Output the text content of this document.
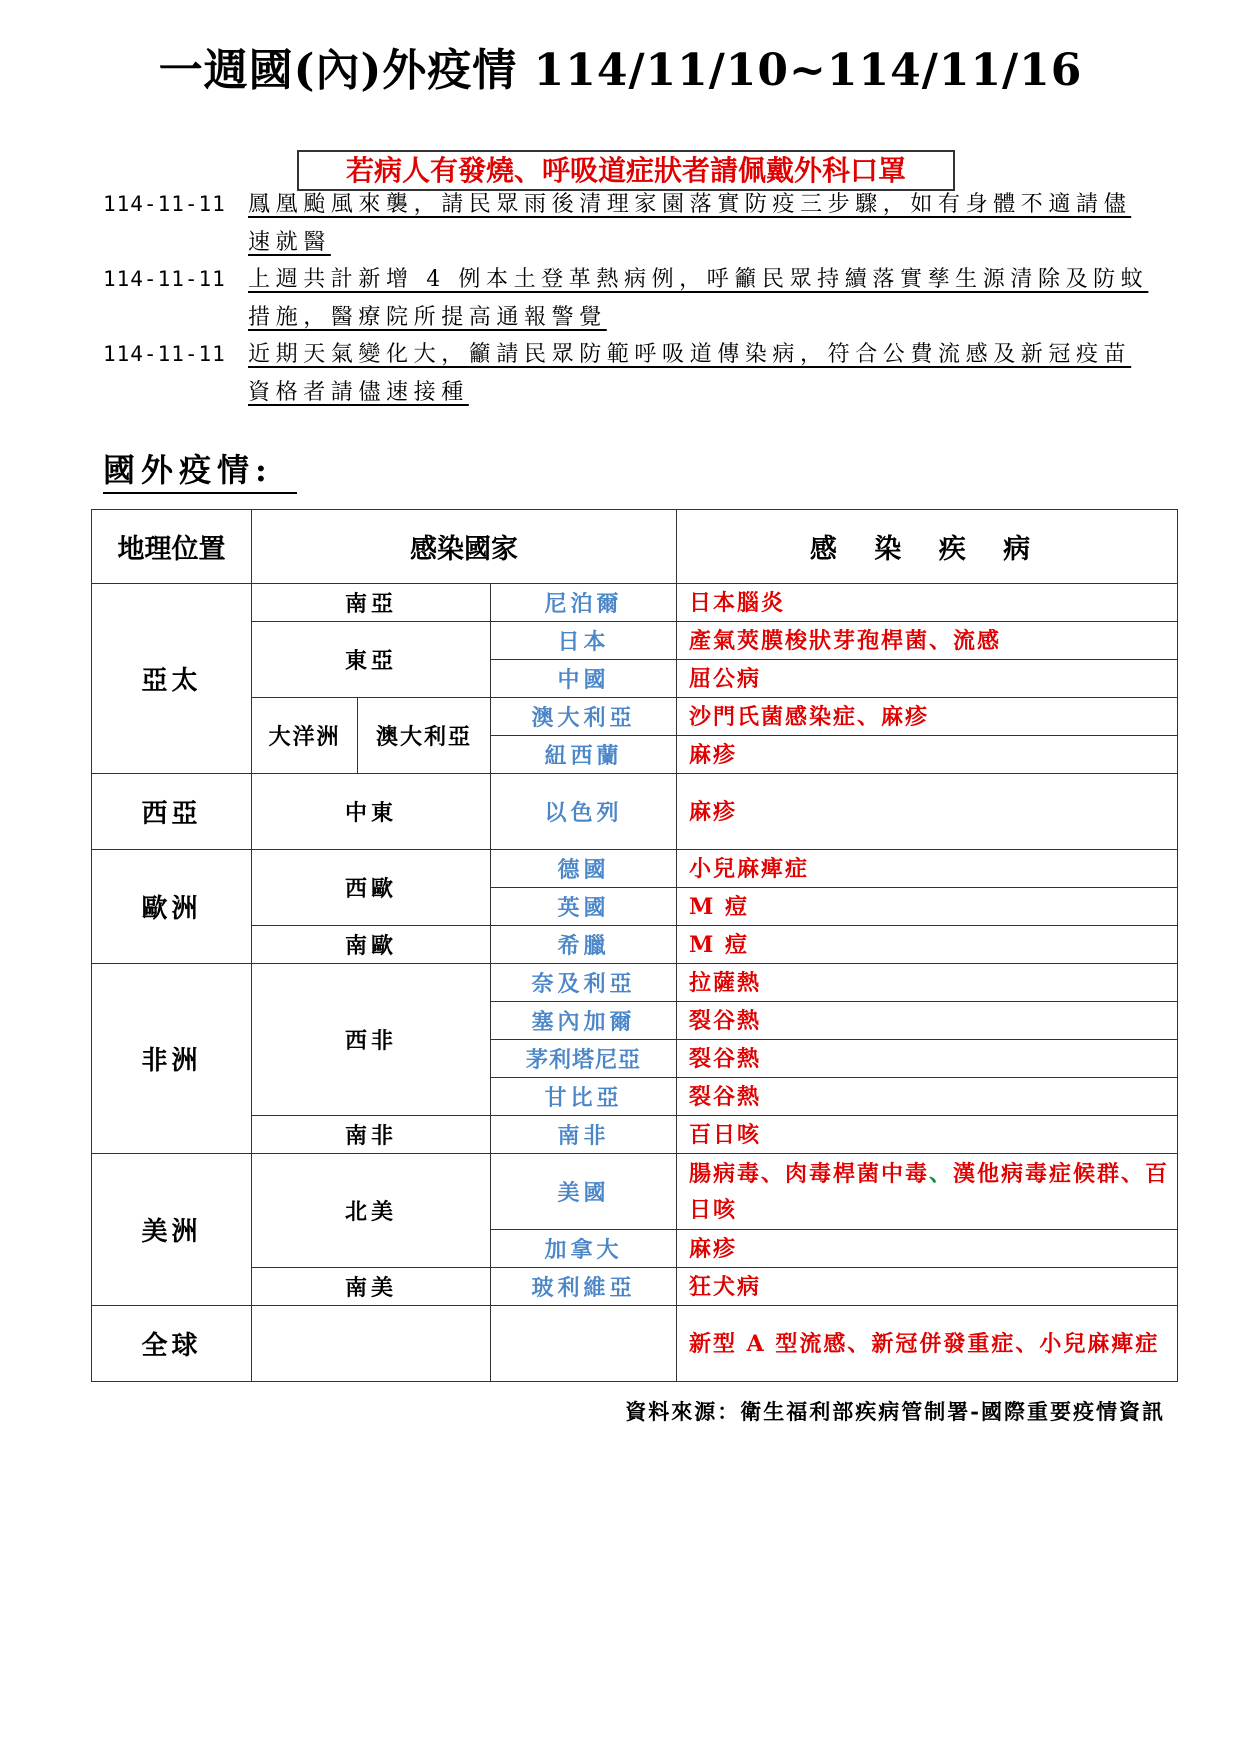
一週國(內)外疫情 114/11/10~114/11/16
若病人有發燒、呼吸道症狀者請佩戴外科口罩
114-11-11	鳳凰颱風來襲，請民眾雨後清理家園落實防疫三步驟，如有身體不適請儘
速就醫
114-11-11	上週共計新增 4 例本土登革熱病例，呼籲民眾持續落實孳生源清除及防蚊
措施，醫療院所提高通報警覺
114-11-11	近期天氣變化大，籲請民眾防範呼吸道傳染病，符合公費流感及新冠疫苗
資格者請儘速接種
國外疫情:
地理位置	感染國家			感 染 疾 病
亞太	南亞		尼泊爾	日本腦炎
	東亞		日本	產氣莢膜梭狀芽孢桿菌、流感
			中國	屈公病
	大洋洲	澳大利亞	澳大利亞	沙門氏菌感染症、麻疹
			紐西蘭	麻疹
西亞	中東		以色列	麻疹
歐洲	西歐		德國	小兒麻痺症
			英國	M 痘
	南歐		希臘	M 痘
非洲	西非		奈及利亞	拉薩熱
			塞內加爾	裂谷熱
			茅利塔尼亞	裂谷熱
			甘比亞	裂谷熱
	南非		南非	百日咳
美洲	北美		美國	腸病毒、肉毒桿菌中毒、漢他病毒症候群、百日咳
			加拿大	麻疹
	南美		玻利維亞	狂犬病
全球				新型 A 型流感、新冠併發重症、小兒麻痺症
資料來源：衛生福利部疾病管制署-國際重要疫情資訊
